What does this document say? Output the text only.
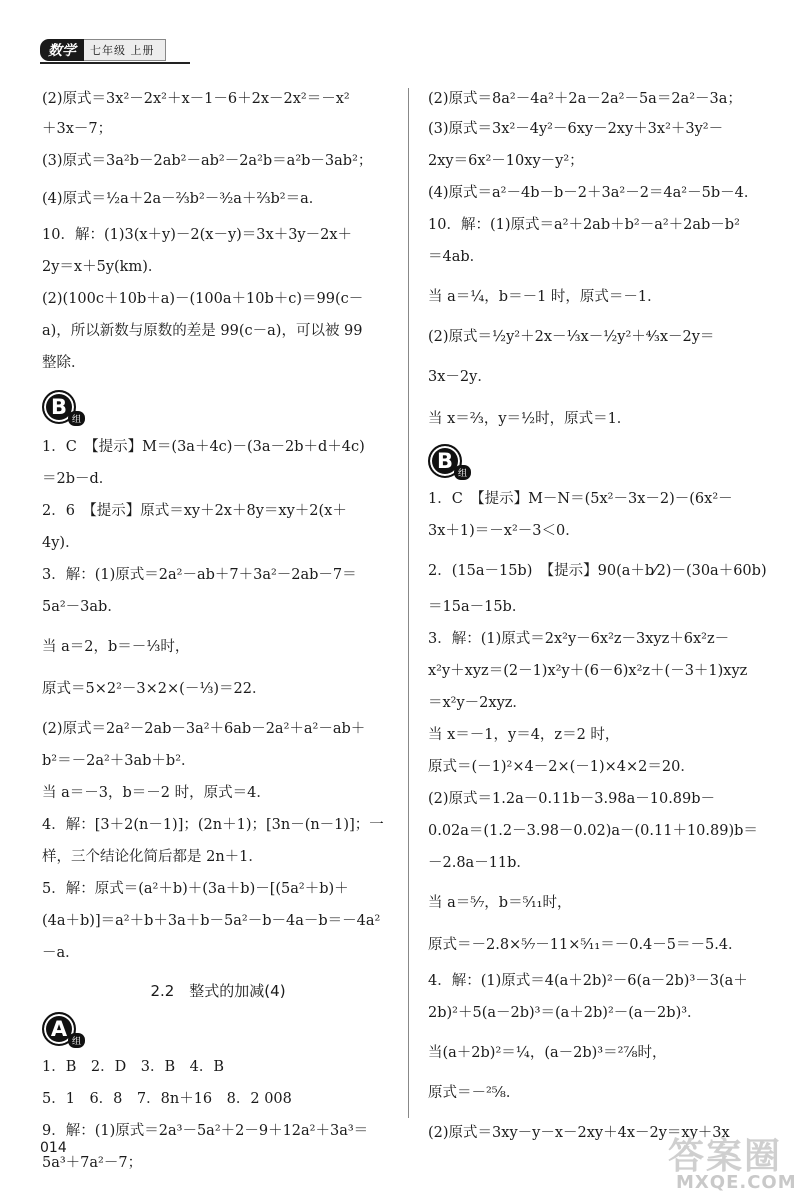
数学	七年级 上册
(2)原式＝3x²－2x²＋x－1－6＋2x－2x²＝－x²
＋3x－7；
(3)原式＝3a²b－2ab²－ab²－2a²b＝a²b－3ab²；
(4)原式＝½a＋2a－⅔b²－³⁄₂a＋⅔b²＝a．
10．解：(1)3(x＋y)－2(x－y)＝3x＋3y－2x＋
2y＝x＋5y(km)．
(2)(100c＋10b＋a)－(100a＋10b＋c)＝99(c－
a)，所以新数与原数的差是 99(c－a)，可以被 99
整除．
B
组
1．C　【提示】M＝(3a＋4c)－(3a－2b＋d＋4c)
＝2b－d．
2．6　【提示】原式＝xy＋2x＋8y＝xy＋2(x＋
4y)．
3．解：(1)原式＝2a²－ab＋7＋3a²－2ab－7＝
5a²－3ab．
当 a＝2，b＝－⅓时，
原式＝5×2²－3×2×(－⅓)＝22．
(2)原式＝2a²－2ab－3a²＋6ab－2a²＋a²－ab＋
b²＝－2a²＋3ab＋b²．
当 a＝－3，b＝－2 时，原式＝4．
4．解：[3＋2(n－1)]；(2n＋1)；[3n－(n－1)]；一
样，三个结论化简后都是 2n＋1．
5．解：原式＝(a²＋b)＋(3a＋b)－[(5a²＋b)＋
(4a＋b)]＝a²＋b＋3a＋b－5a²－b－4a－b＝－4a²
－a．
2.2　整式的加减(4)
A
组
1．B　2．D　3．B　4．B
5．1　6．8　7．8n＋16　8．2 008
9．解：(1)原式＝2a³－5a²＋2－9＋12a²＋3a³＝
5a³＋7a²－7；
(2)原式＝8a²－4a²＋2a－2a²－5a＝2a²－3a；
(3)原式＝3x²－4y²－6xy－2xy＋3x²＋3y²－
2xy＝6x²－10xy－y²；
(4)原式＝a²－4b－b－2＋3a²－2＝4a²－5b－4．
10．解：(1)原式＝a²＋2ab＋b²－a²＋2ab－b²
＝4ab．
当 a＝¼，b＝－1 时，原式＝－1．
(2)原式＝½y²＋2x－⅓x－½y²＋⁴⁄₃x－2y＝
3x－2y．
当 x＝⅔，y＝½时，原式＝1．
B
组
1．C　【提示】M－N＝(5x²－3x－2)－(6x²－
3x＋1)＝－x²－3＜0．
2．(15a－15b)　【提示】90(a＋b⁄2)－(30a＋60b)
＝15a－15b．
3．解：(1)原式＝2x²y－6x²z－3xyz＋6x²z－
x²y＋xyz＝(2－1)x²y＋(6－6)x²z＋(－3＋1)xyz
＝x²y－2xyz．
当 x＝－1，y＝4，z＝2 时，
原式＝(－1)²×4－2×(－1)×4×2＝20．
(2)原式＝1.2a－0.11b－3.98a－10.89b－
0.02a＝(1.2－3.98－0.02)a－(0.11＋10.89)b＝
－2.8a－11b．
当 a＝⁵⁄₇，b＝⁵⁄₁₁时，
原式＝－2.8×⁵⁄₇－11×⁵⁄₁₁＝－0.4－5＝－5.4．
4．解：(1)原式＝4(a＋2b)²－6(a－2b)³－3(a＋
2b)²＋5(a－2b)³＝(a＋2b)²－(a－2b)³．
当(a＋2b)²＝¼，(a－2b)³＝²⁷⁄₈时，
原式＝－²⁵⁄₈．
(2)原式＝3xy－y－x－2xy＋4x－2y＝xy＋3x
014	答案圈
MXQE.COM
